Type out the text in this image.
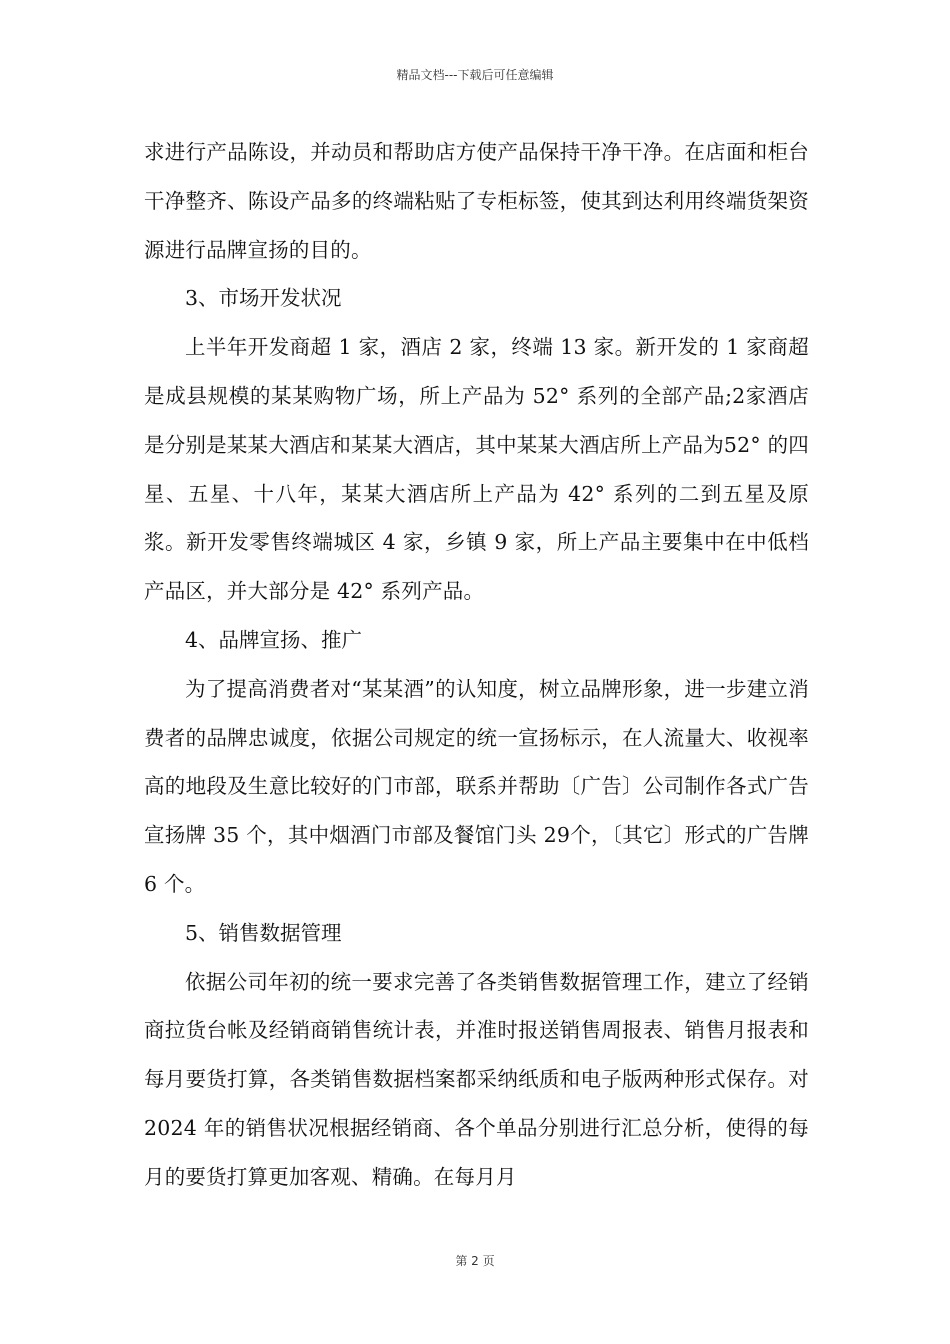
精品文档---下载后可任意编辑

求进行产品陈设，并动员和帮助店方使产品保持干净干净。在店面和柜台干净整齐、陈设产品多的终端粘贴了专柜标签，使其到达利用终端货架资源进行品牌宣扬的目的。

3、市场开发状况

上半年开发商超 1 家，酒店 2 家，终端 13 家。新开发的 1 家商超是成县规模的某某购物广场，所上产品为 52° 系列的全部产品;2家酒店是分别是某某大酒店和某某大酒店，其中某某大酒店所上产品为52° 的四星、五星、十八年，某某大酒店所上产品为 42° 系列的二到五星及原浆。新开发零售终端城区 4 家，乡镇 9 家，所上产品主要集中在中低档产品区，并大部分是 42° 系列产品。

4、品牌宣扬、推广

为了提高消费者对“某某酒”的认知度，树立品牌形象，进一步建立消费者的品牌忠诚度，依据公司规定的统一宣扬标示，在人流量大、收视率高的地段及生意比较好的门市部，联系并帮助〔广告〕公司制作各式广告宣扬牌 35 个，其中烟酒门市部及餐馆门头 29个，〔其它〕形式的广告牌 6 个。

5、销售数据管理

依据公司年初的统一要求完善了各类销售数据管理工作，建立了经销商拉货台帐及经销商销售统计表，并准时报送销售周报表、销售月报表和每月要货打算，各类销售数据档案都采纳纸质和电子版两种形式保存。对 2024 年的销售状况根据经销商、各个单品分别进行汇总分析，使得的每月的要货打算更加客观、精确。在每月月

第 2 页
